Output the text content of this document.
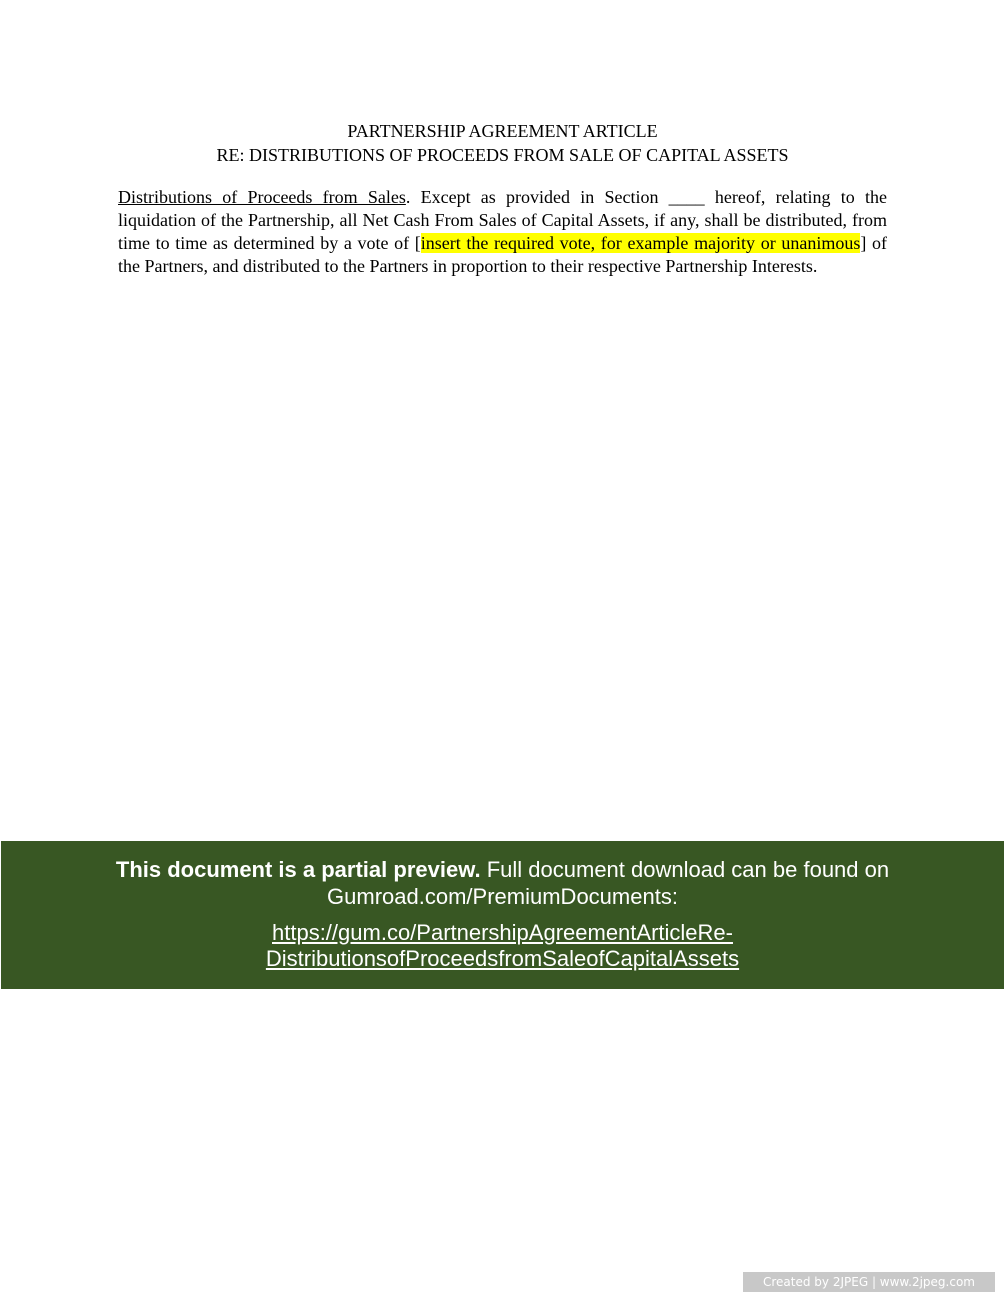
PARTNERSHIP AGREEMENT ARTICLE
RE: DISTRIBUTIONS OF PROCEEDS FROM SALE OF CAPITAL ASSETS

Distributions of Proceeds from Sales. Except as provided in Section ____ hereof, relating to the liquidation of the Partnership, all Net Cash From Sales of Capital Assets, if any, shall be distributed, from time to time as determined by a vote of [insert the required vote, for example majority or unanimous] of the Partners, and distributed to the Partners in proportion to their respective Partnership Interests.

This document is a partial preview. Full document download can be found on Gumroad.com/PremiumDocuments:
https://gum.co/PartnershipAgreementArticleRe-
DistributionsofProceedsfromSaleofCapitalAssets
Created by 2JPEG | www.2jpeg.com
